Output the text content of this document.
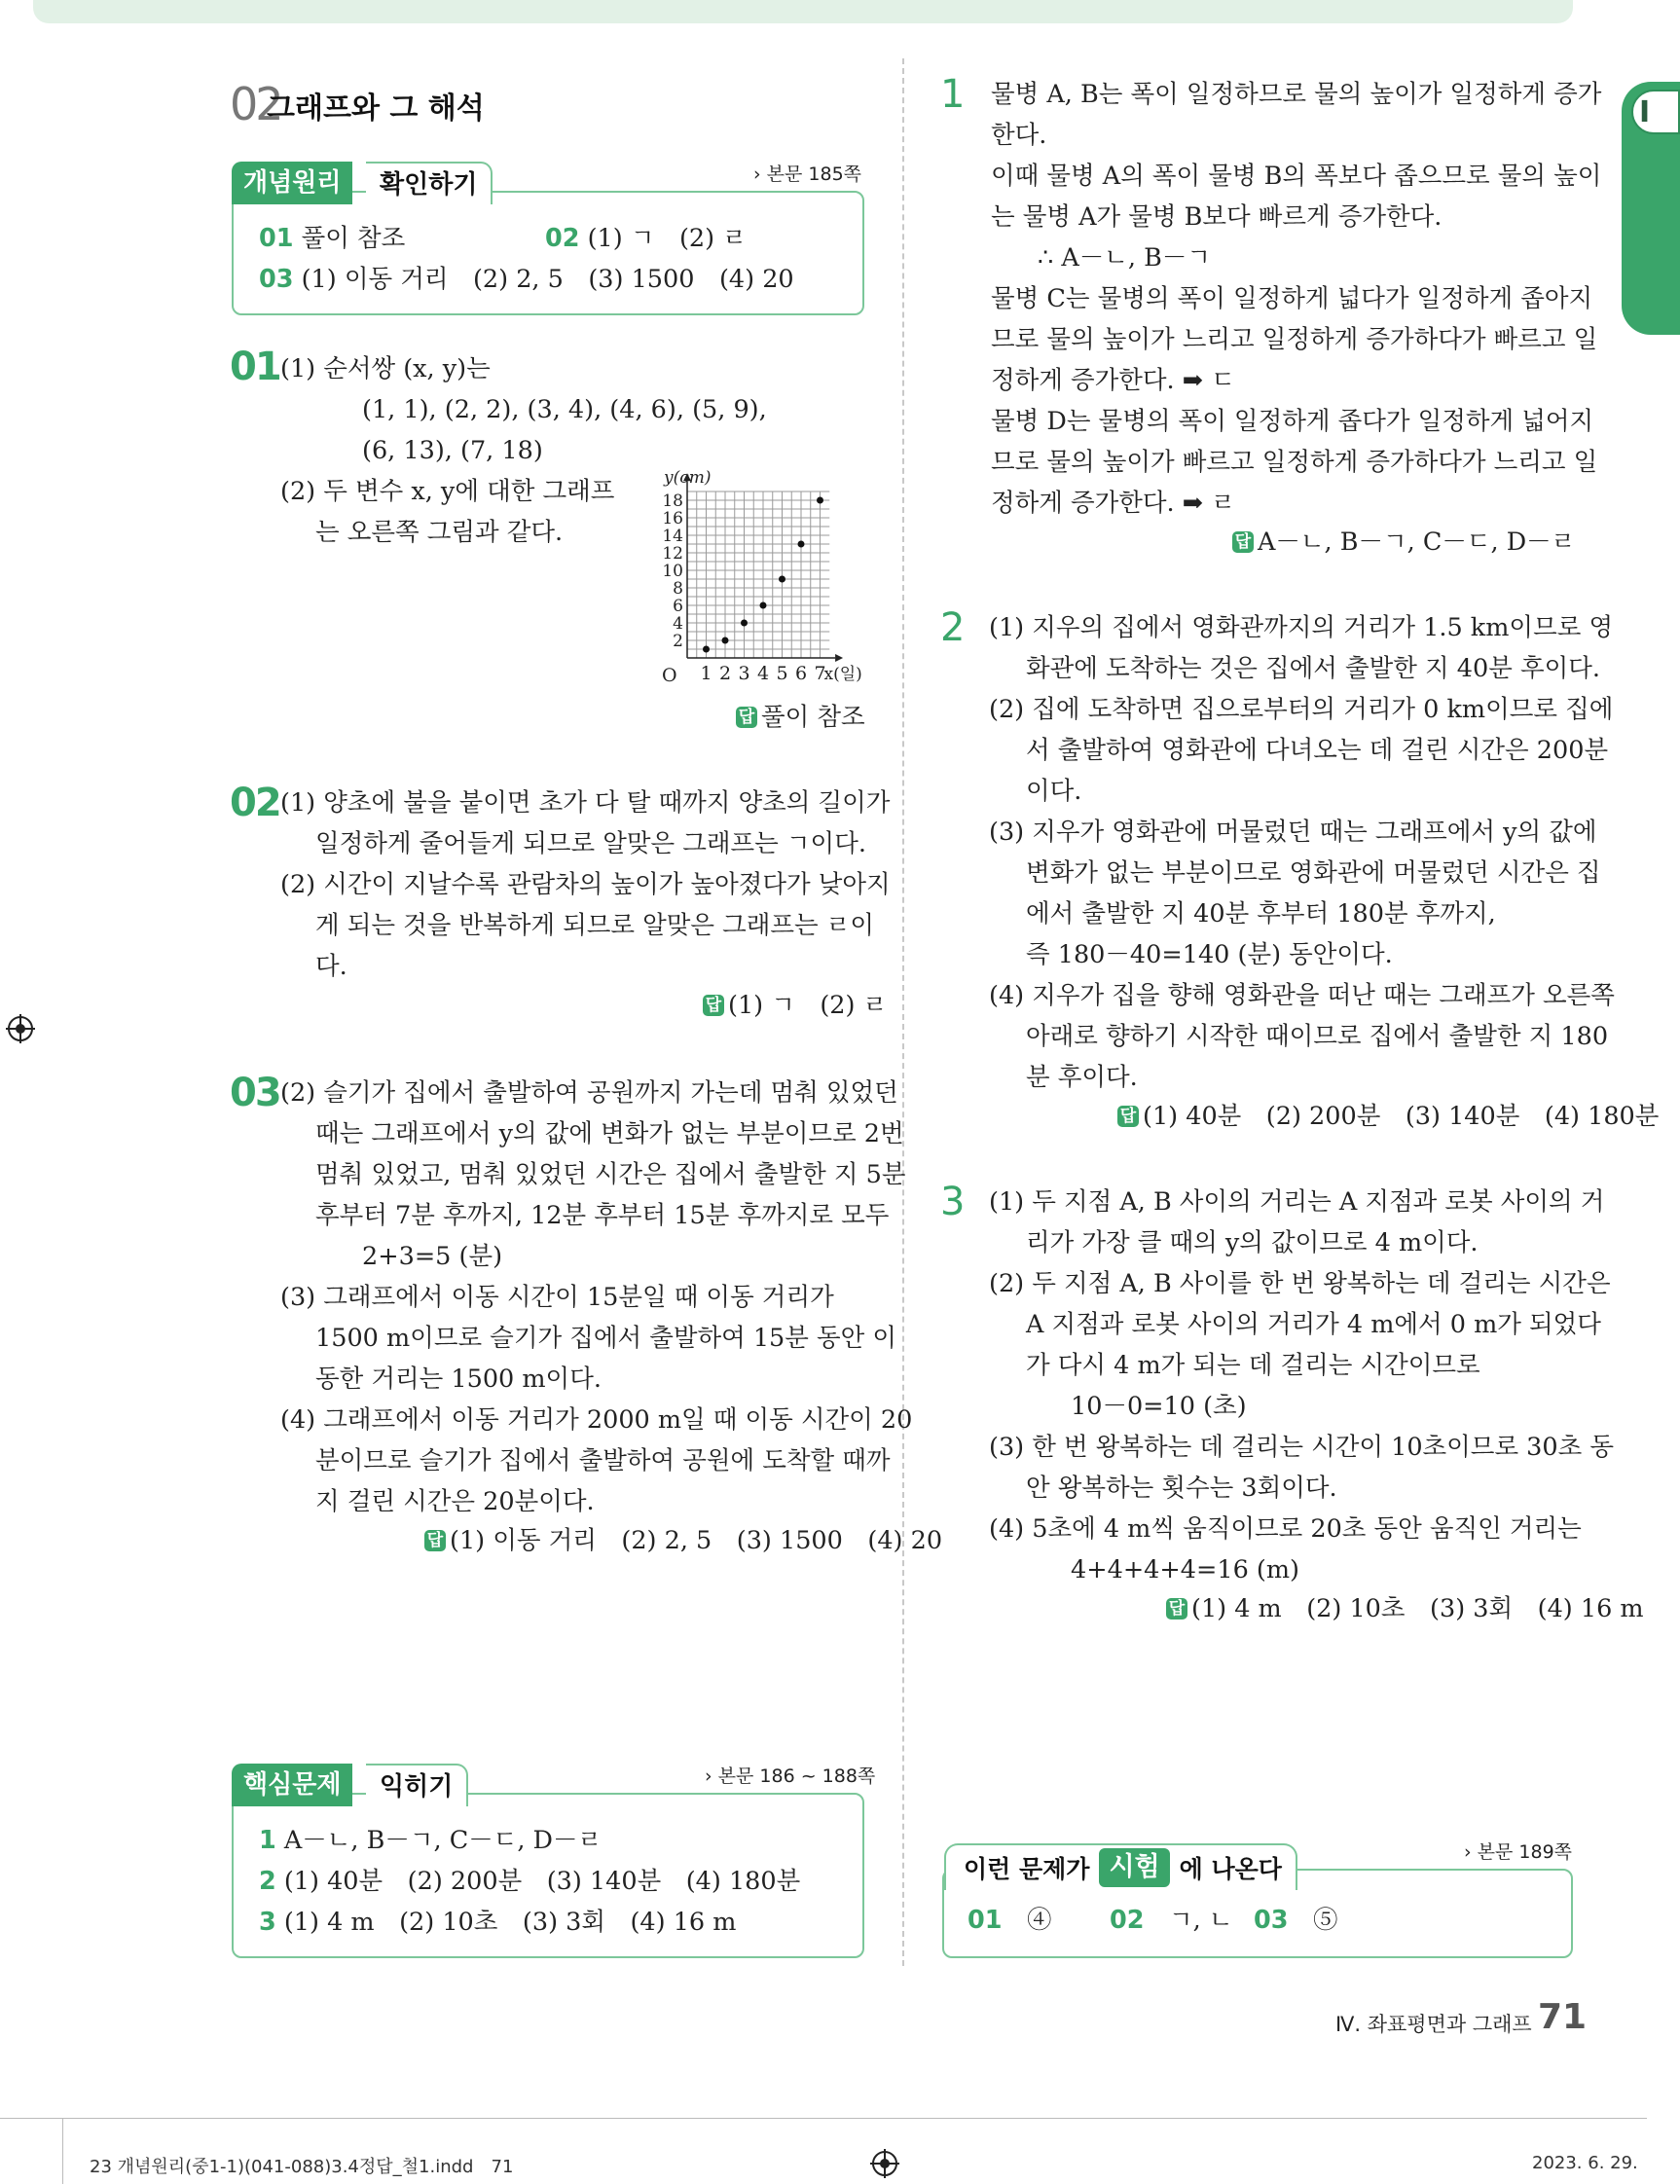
I
02
그래프와 그 해석
개념원리	확인하기	› 본문 185쪽
01 풀이 참조	02 (1) ㄱ　(2) ㄹ
03 (1) 이동 거리　(2) 2, 5　(3) 1500　(4) 20
01 (1) 순서쌍 (x, y)는
(1, 1), (2, 2), (3, 4), (4, 6), (5, 9),
(6, 13), (7, 18)
(2) 두 변수 x, y에 대한 그래프
는 오른쪽 그림과 같다.
1 2 3 4 5 6 7
2
4
6
8
10
12
14
16
18
y(cm)
x(일)
O
답 풀이 참조
02 (1) 양초에 불을 붙이면 초가 다 탈 때까지 양초의 길이가
일정하게 줄어들게 되므로 알맞은 그래프는 ㄱ이다.
(2) 시간이 지날수록 관람차의 높이가 높아졌다가 낮아지
게 되는 것을 반복하게 되므로 알맞은 그래프는 ㄹ이
다.
답 (1) ㄱ　(2) ㄹ
03 (2) 슬기가 집에서 출발하여 공원까지 가는데 멈춰 있었던
때는 그래프에서 y의 값에 변화가 없는 부분이므로 2번
멈춰 있었고, 멈춰 있었던 시간은 집에서 출발한 지 5분
후부터 7분 후까지, 12분 후부터 15분 후까지로 모두
2+3=5 (분)
(3) 그래프에서 이동 시간이 15분일 때 이동 거리가
1500 m이므로 슬기가 집에서 출발하여 15분 동안 이
동한 거리는 1500 m이다.
(4) 그래프에서 이동 거리가 2000 m일 때 이동 시간이 20
분이므로 슬기가 집에서 출발하여 공원에 도착할 때까
지 걸린 시간은 20분이다.
답 (1) 이동 거리　(2) 2, 5　(3) 1500　(4) 20
핵심문제	익히기	› 본문 186 ~ 188쪽
1 A－ㄴ, B－ㄱ, C－ㄷ, D－ㄹ
2 (1) 40분　(2) 200분　(3) 140분　(4) 180분
3 (1) 4 m　(2) 10초　(3) 3회　(4) 16 m
1 물병 A, B는 폭이 일정하므로 물의 높이가 일정하게 증가
한다.
이때 물병 A의 폭이 물병 B의 폭보다 좁으므로 물의 높이
는 물병 A가 물병 B보다 빠르게 증가한다.
∴ A－ㄴ, B－ㄱ
물병 C는 물병의 폭이 일정하게 넓다가 일정하게 좁아지
므로 물의 높이가 느리고 일정하게 증가하다가 빠르고 일
정하게 증가한다. ➡ ㄷ
물병 D는 물병의 폭이 일정하게 좁다가 일정하게 넓어지
므로 물의 높이가 빠르고 일정하게 증가하다가 느리고 일
정하게 증가한다. ➡ ㄹ
답 A－ㄴ, B－ㄱ, C－ㄷ, D－ㄹ
2 (1) 지우의 집에서 영화관까지의 거리가 1.5 km이므로 영
화관에 도착하는 것은 집에서 출발한 지 40분 후이다.
(2) 집에 도착하면 집으로부터의 거리가 0 km이므로 집에
서 출발하여 영화관에 다녀오는 데 걸린 시간은 200분
이다.
(3) 지우가 영화관에 머물렀던 때는 그래프에서 y의 값에
변화가 없는 부분이므로 영화관에 머물렀던 시간은 집
에서 출발한 지 40분 후부터 180분 후까지,
즉 180－40=140 (분) 동안이다.
(4) 지우가 집을 향해 영화관을 떠난 때는 그래프가 오른쪽
아래로 향하기 시작한 때이므로 집에서 출발한 지 180
분 후이다.
답 (1) 40분　(2) 200분　(3) 140분　(4) 180분
3 (1) 두 지점 A, B 사이의 거리는 A 지점과 로봇 사이의 거
리가 가장 클 때의 y의 값이므로 4 m이다.
(2) 두 지점 A, B 사이를 한 번 왕복하는 데 걸리는 시간은
A 지점과 로봇 사이의 거리가 4 m에서 0 m가 되었다
가 다시 4 m가 되는 데 걸리는 시간이므로
10－0=10 (초)
(3) 한 번 왕복하는 데 걸리는 시간이 10초이므로 30초 동
안 왕복하는 횟수는 3회이다.
(4) 5초에 4 m씩 움직이므로 20초 동안 움직인 거리는
4+4+4+4=16 (m)
답 (1) 4 m　(2) 10초　(3) 3회　(4) 16 m
이런 문제가 시험 에 나온다
› 본문 189쪽
01　 ④ 02　 ㄱ, ㄴ 03　 ⑤
Ⅳ. 좌표평면과 그래프 71
23 개념원리(중1-1)(041-088)3.4정답_철1.indd　71	2023. 6. 29.
